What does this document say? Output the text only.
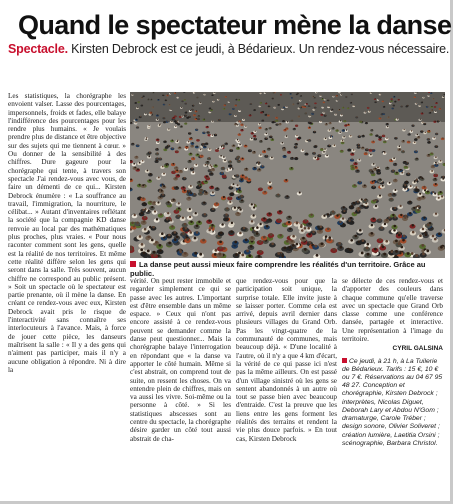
Quand le spectateur mène la danse
Spectacle. Kirsten Debrock est ce jeudi, à Bédarieux. Un rendez-vous nécessaire.

Les statistiques, la chorégraphe les envoient valser. Lasse des pourcentages, impersonnels, froids et fades, elle balaye l'indifférence des pourcentages pour les rendre plus humains. « Je voulais prendre plus de distance et être objective sur des sujets qui me tiennent à cœur. » Ou donner de la sensibilité à des chiffres. Dure gageure pour la chorégraphe qui tente, à travers son spectacle J'ai rendez-vous avec vous, de faire un démenti de ce qui... Kirsten Debrock énumère : « La souffrance au travail, l'immigration, la nourriture, le célibat... » Autant d'inventaires reflétant la société que la compagnie KD danse renvoie au local par des mathématiques plus proches, plus vraies. « Pour nous raconter comment sont les gens, quelle est la réalité de nos territoires. Et même cette réalité diffère selon les gens qui seront dans la salle. Très souvent, aucun chiffre ne correspond au public présent. » Soit un spectacle où le spectateur est partie prenante, où il mène la danse. En créant ce rendez-vous avec eux, Kirsten Debrock avait pris le risque de l'interactivité sans connaître ses interlocuteurs à l'avance. Mais, à force de jouer cette pièce, les danseurs maîtrisent la salle : « Il y a des gens qui n'aiment pas participer, mais il n'y a aucune obligation à répondre. Ni à dire la

La danse peut aussi mieux faire comprendre les réalités d'un territoire. Grâce au public.

vérité. On peut rester immobile et regarder simplement ce qui se passe avec les autres. L'important est d'être ensemble dans un même espace. » Ceux qui n'ont pas encore assisté à ce rendez-vous peuvent se demander comme la danse peut questionner... Mais la chorégraphe balaye l'interrogation en répondant que « la danse va apporter le côté humain. Même si c'est abstrait, on comprend tout de suite, on ressent les choses. On va entendre plein de chiffres, mais on va aussi les vivre. Soi-même ou la personne à côté. » Si les statistiques abscesses sont au centre du spectacle, la chorégraphe désire garder un côté tout aussi abstrait de cha-

que rendez-vous pour que la participation soit unique, la surprise totale. Elle invite juste à se laisser porter. Comme cela est arrivé, depuis avril dernier dans plusieurs villages du Grand Orb. Pas les vingt-quatre de la communauté de communes, mais beaucoup déjà. « D'une localité à l'autre, où il n'y a que 4 km d'écart, la vérité de ce qui passe ici n'est pas la même ailleurs. On est passé d'un village sinistré où les gens se sentent abandonnés à un autre où tout se passe bien avec beaucoup d'entraide. C'est la preuve que les liens entre les gens forment les réalités des terrains et rendent la vie plus douce parfois. » En tout cas, Kirsten Debrock

se délecte de ces rendez-vous et d'apporter des couleurs dans chaque commune qu'elle traverse avec un spectacle que Grand Orb classe comme une conférence dansée, partagée et interactive. Une représentation à l'image du territoire.

CYRIL GALSINA
Ce jeudi, à 21 h, à La Tuilerie de Bédarieux. Tarifs : 15 €, 10 € ou 7 €. Réservations au 04 67 95 48 27. Conception et chorégraphie, Kirsten Debrock ; interprètes, Nicolas Diguet, Deborah Lary et Abdou N'Gom ; dramaturge, Carole Tréber ; design sonore, Olivier Soliveret ; création lumière, Laetitia Orsini ; scénographie, Barbara Christol.
